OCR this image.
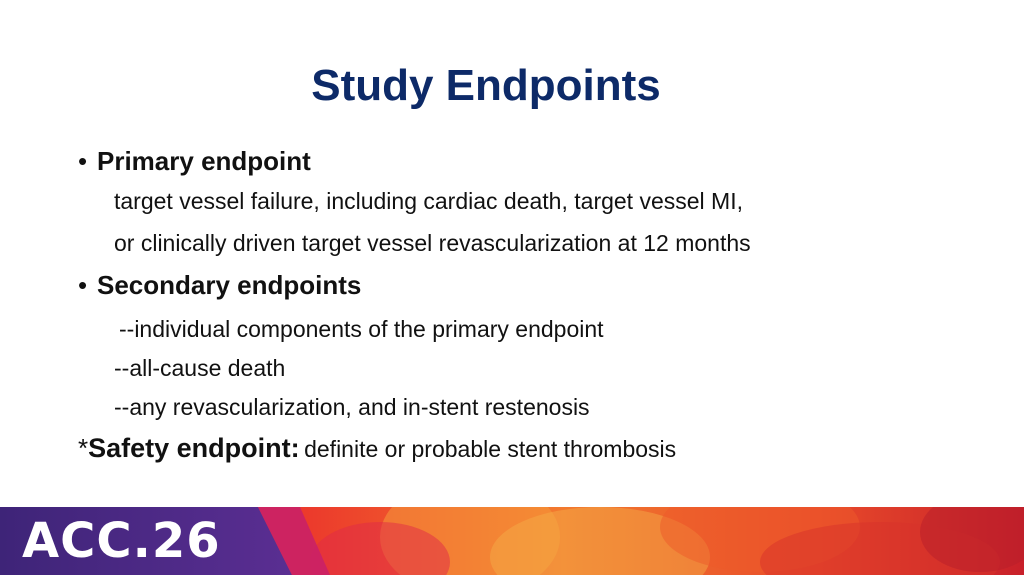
Study Endpoints
• Primary endpoint
target vessel failure, including cardiac death, target vessel MI,
or clinically driven target vessel revascularization at 12 months
• Secondary endpoints
--individual components of the primary endpoint
--all-cause death
--any revascularization, and in-stent restenosis
*Safety endpoint: definite or probable stent thrombosis
ACC.26
